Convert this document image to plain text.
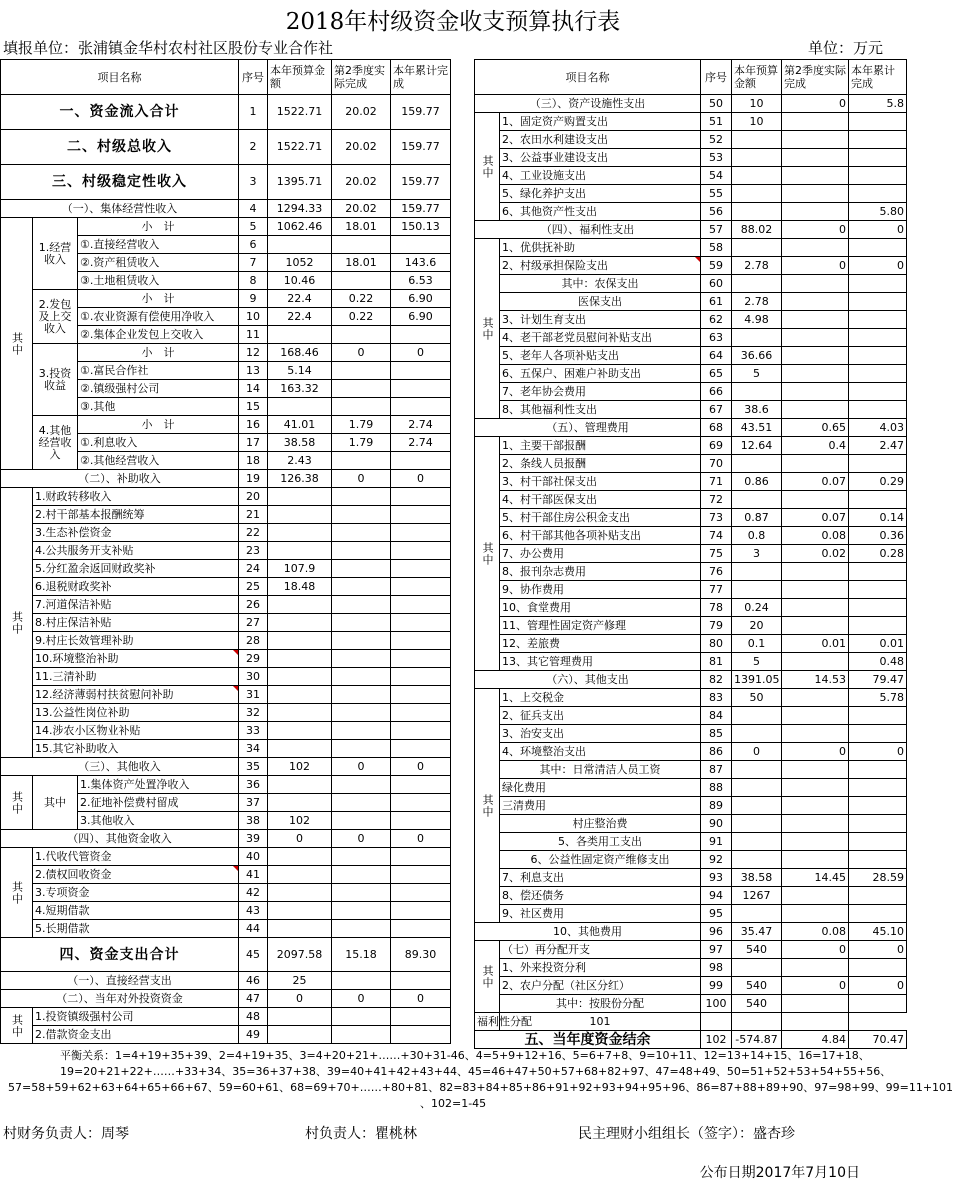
2018年村级资金收支预算执行表
填报单位：张浦镇金华村农村社区股份专业合作社	单位：万元
项目名称			序号	本年预算金额	第2季度实际完成	本年累计完成
一、资金流入合计			1	1522.71	20.02	159.77
二、村级总收入			2	1522.71	20.02	159.77
三、村级稳定性收入			3	1395.71	20.02	159.77
（一）、集体经营性收入			4	1294.33	20.02	159.77
其中	1.经营收入	小　计	5	1062.46	18.01	150.13
		①.直接经营收入	6			
		②.资产租赁收入	7	1052	18.01	143.6
		③.土地租赁收入	8	10.46		6.53
	2.发包及上交收入	小　计	9	22.4	0.22	6.90
		①.农业资源有偿使用净收入	10	22.4	0.22	6.90
		②.集体企业发包上交收入	11			
	3.投资收益	小　计	12	168.46	0	0
		①.富民合作社	13	5.14		
		②.镇级强村公司	14	163.32		
		③.其他	15			
	4.其他经营收入	小　计	16	41.01	1.79	2.74
		①.利息收入	17	38.58	1.79	2.74
		②.其他经营收入	18	2.43		
（二）、补助收入			19	126.38	0	0
其中	1.财政转移收入		20			
	2.村干部基本报酬统筹		21			
	3.生态补偿资金		22			
	4.公共服务开支补贴		23			
	5.分红盈余返回财政奖补		24	107.9		
	6.退税财政奖补		25	18.48		
	7.河道保洁补贴		26			
	8.村庄保洁补贴		27			
	9.村庄长效管理补助		28			
	10.环境整治补助		29			
	11.三清补助		30			
	12.经济薄弱村扶贫慰问补助		31			
	13.公益性岗位补助		32			
	14.涉农小区物业补贴		33			
	15.其它补助收入		34			
（三）、其他收入			35	102	0	0
其中	其中	1.集体资产处置净收入	36			
		2.征地补偿费村留成	37			
		3.其他收入	38	102		
（四）、其他资金收入			39	0	0	0
其中	1.代收代管资金		40			
	2.债权回收资金		41			
	3.专项资金		42			
	4.短期借款		43			
	5.长期借款		44			
四、资金支出合计			45	2097.58	15.18	89.30
（一）、直接经营支出			46	25		
（二）、当年对外投资资金			47	0	0	0
其中	1.投资镇级强村公司		48			
	2.借款资金支出		49			
项目名称		序号	本年预算金额	第2季度实际完成	本年累计完成
（三）、资产设施性支出		50	10	0	5.8
其中	1、固定资产购置支出	51	10		
	2、农田水利建设支出	52			
	3、公益事业建设支出	53			
	4、工业设施支出	54			
	5、绿化养护支出	55			
	6、其他资产性支出	56			5.80
（四）、福利性支出		57	88.02	0	0
其中	1、优供抚补助	58			
	2、村级承担保险支出	59	2.78	0	0
	其中：农保支出	60			
	医保支出	61	2.78		
	3、计划生育支出	62	4.98		
	4、老干部老党员慰问补贴支出	63			
	5、老年人各项补贴支出	64	36.66		
	6、五保户、困难户补助支出	65	5		
	7、老年协会费用	66			
	8、其他福利性支出	67	38.6		
（五）、管理费用		68	43.51	0.65	4.03
其中	1、主要干部报酬	69	12.64	0.4	2.47
	2、条线人员报酬	70			
	3、村干部社保支出	71	0.86	0.07	0.29
	4、村干部医保支出	72			
	5、村干部住房公积金支出	73	0.87	0.07	0.14
	6、村干部其他各项补贴支出	74	0.8	0.08	0.36
	7、办公费用	75	3	0.02	0.28
	8、报刊杂志费用	76			
	9、协作费用	77			
	10、食堂费用	78	0.24		
	11、管理性固定资产修理	79	20		
	12、差旅费	80	0.1	0.01	0.01
	13、其它管理费用	81	5		0.48
（六）、其他支出		82	1391.05	14.53	79.47
其中	1、上交税金	83	50		5.78
	2、征兵支出	84			
	3、治安支出	85			
	4、环境整治支出	86	0	0	0
	其中：日常清洁人员工资	87			
	绿化费用	88			
	三清费用	89			
	村庄整治费	90			
	5、各类用工支出	91			
	6、公益性固定资产维修支出	92			
	7、利息支出	93	38.58	14.45	28.59
	8、偿还债务	94	1267		
	9、社区费用	95			
10、其他费用		96	35.47	0.08	45.10
其中	（七）再分配开支	97	540	0	0
	1、外来投资分利	98			
	2、农户分配（社区分红）	99	540	0	0
	其中：按股份分配	100	540		
福利性分配	101				
五、当年度资金结余		102	-574.87	4.84	70.47
平衡关系：1=4+19+35+39、2=4+19+35、3=4+20+21+……+30+31-46、4=5+9+12+16、5=6+7+8、9=10+11、12=13+14+15、16=17+18、
19=20+21+22+……+33+34、35=36+37+38、39=40+41+42+43+44、45=46+47+50+57+68+82+97、47=48+49、50=51+52+53+54+55+56、
57=58+59+62+63+64+65+66+67、59=60+61、68=69+70+……+80+81、82=83+84+85+86+91+92+93+94+95+96、86=87+88+89+90、97=98+99、99=11+101
、102=1-45
村财务负责人：周琴	村负责人：瞿桃林	民主理财小组组长（签字）：盛杏珍
公布日期2017年7月10日
